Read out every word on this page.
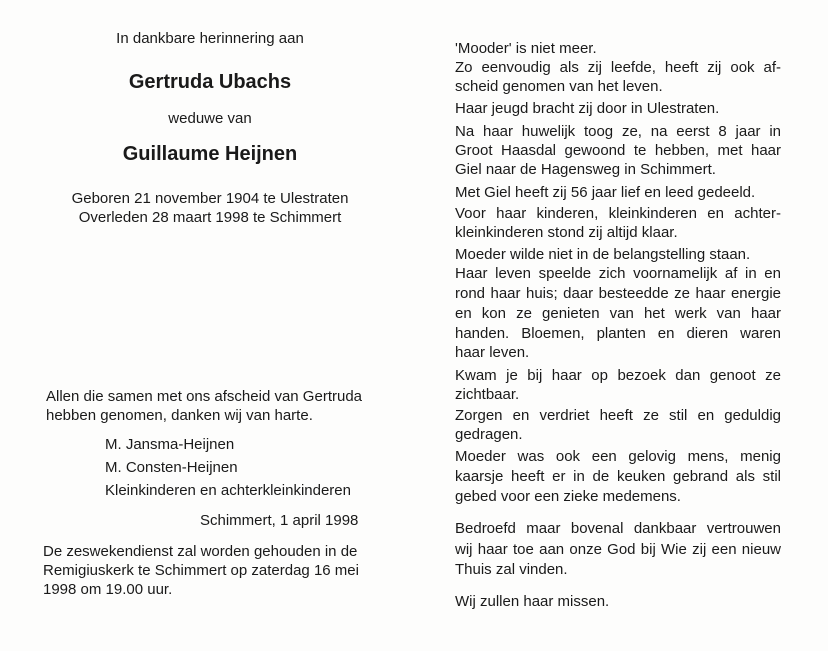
In dankbare herinnering aan
Gertruda Ubachs
weduwe van
Guillaume Heijnen
Geboren 21 november 1904 te Ulestraten
Overleden 28 maart 1998 te Schimmert
Allen die samen met ons afscheid van Gertruda
hebben genomen, danken wij van harte.
M. Jansma-Heijnen
M. Consten-Heijnen
Kleinkinderen en achterkleinkinderen
Schimmert, 1 april 1998
De zeswekendienst zal worden gehouden in de
Remigiuskerk te Schimmert op zaterdag 16 mei
1998 om 19.00 uur.
'Mooder' is niet meer.
Zo eenvoudig als zij leefde, heeft zij ook af-
scheid genomen van het leven.
Haar jeugd bracht zij door in Ulestraten.
Na haar huwelijk toog ze, na eerst 8 jaar in
Groot Haasdal gewoond te hebben, met haar
Giel naar de Hagensweg in Schimmert.
Met Giel heeft zij 56 jaar lief en leed gedeeld.
Voor haar kinderen, kleinkinderen en achter-
kleinkinderen stond zij altijd klaar.
Moeder wilde niet in de belangstelling staan.
Haar leven speelde zich voornamelijk af in en
rond haar huis; daar besteedde ze haar energie
en kon ze genieten van het werk van haar
handen. Bloemen, planten en dieren waren
haar leven.
Kwam je bij haar op bezoek dan genoot ze
zichtbaar.
Zorgen en verdriet heeft ze stil en geduldig
gedragen.
Moeder was ook een gelovig mens, menig
kaarsje heeft er in de keuken gebrand als stil
gebed voor een zieke medemens.
Bedroefd maar bovenal dankbaar vertrouwen
wij haar toe aan onze God bij Wie zij een nieuw
Thuis zal vinden.
Wij zullen haar missen.
